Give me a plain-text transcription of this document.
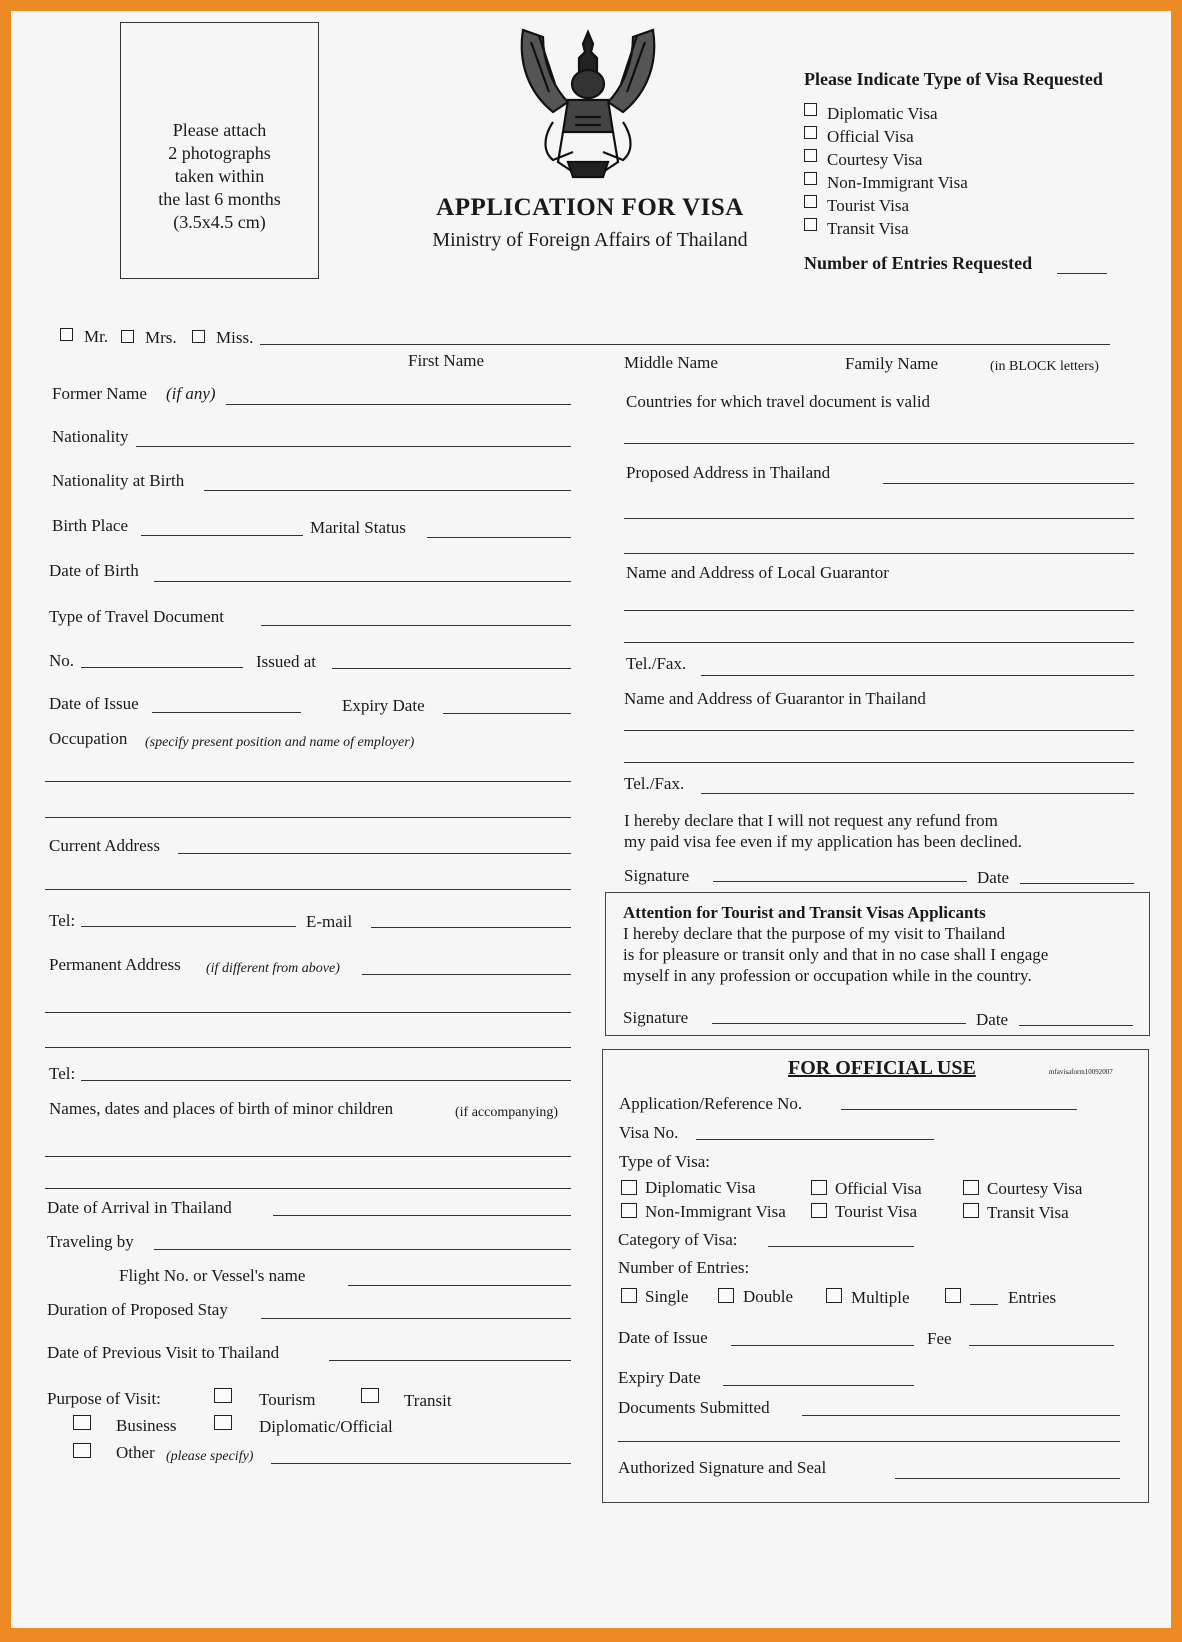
Please attach
2 photographs
taken within
the last 6 months
(3.5x4.5 cm)
APPLICATION FOR VISA
Ministry of Foreign Affairs of Thailand
Please Indicate Type of Visa Requested
Diplomatic Visa
Official Visa
Courtesy Visa
Non-Immigrant Visa
Tourist Visa
Transit Visa
Number of Entries Requested
Mr. Mrs. Miss.
First Name	Middle Name	Family Name	(in BLOCK letters)
Former Name (if any)
Nationality
Nationality at Birth
Birth Place	Marital Status
Date of Birth
Type of Travel Document
No.	Issued at
Date of Issue	Expiry Date
Occupation (specify present position and name of employer)
Current Address
Tel:	E-mail
Permanent Address (if different from above)
Tel:
Names, dates and places of birth of minor children	(if accompanying)
Date of Arrival in Thailand
Traveling by
Flight No. or Vessel's name
Duration of Proposed Stay
Date of Previous Visit to Thailand
Purpose of Visit:	Tourism	Transit
Business	Diplomatic/Official
Other (please specify)
Countries for which travel document is valid
Proposed Address in Thailand
Name and Address of Local Guarantor
Tel./Fax.
Name and Address of Guarantor in Thailand
Tel./Fax.
I hereby declare that I will not request any refund from
my paid visa fee even if my application has been declined.
Signature	Date
Attention for Tourist and Transit Visas Applicants
I hereby declare that the purpose of my visit to Thailand
is for pleasure or transit only and that in no case shall I engage
myself in any profession or occupation while in the country.
Signature	Date
FOR OFFICIAL USE	mfavisaform10092007
Application/Reference No.
Visa No.
Type of Visa:
Diplomatic Visa	Official Visa	Courtesy Visa
Non-Immigrant Visa	Tourist Visa	Transit Visa
Category of Visa:
Number of Entries:
Single	Double	Multiple	Entries
Date of Issue	Fee
Expiry Date
Documents Submitted
Authorized Signature and Seal
